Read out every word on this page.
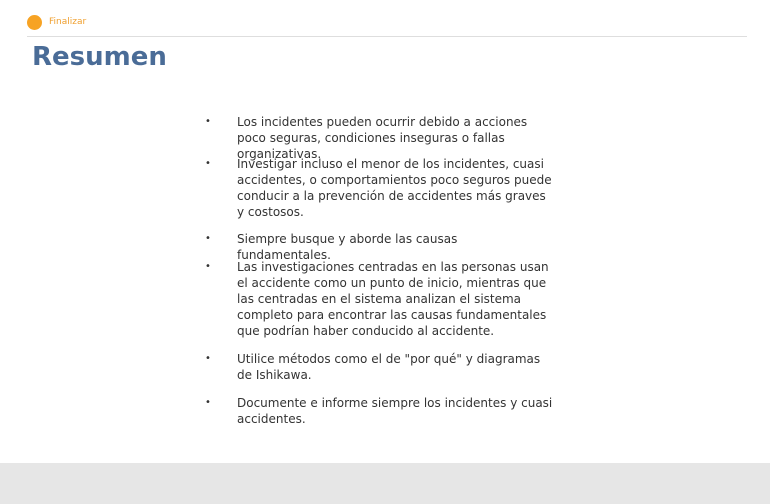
Finalizar
Resumen
•	Los incidentes pueden ocurrir debido a acciones poco seguras, condiciones inseguras o fallas organizativas.
•	Investigar incluso el menor de los incidentes, cuasi accidentes, o comportamientos poco seguros puede conducir a la prevención de accidentes más graves y costosos.
•	Siempre busque y aborde las causas fundamentales.
•	Las investigaciones centradas en las personas usan el accidente como un punto de inicio, mientras que las centradas en el sistema analizan el sistema completo para encontrar las causas fundamentales que podrían haber conducido al accidente.
•	Utilice métodos como el de "por qué" y diagramas de Ishikawa.
•	Documente e informe siempre los incidentes y cuasi accidentes.
